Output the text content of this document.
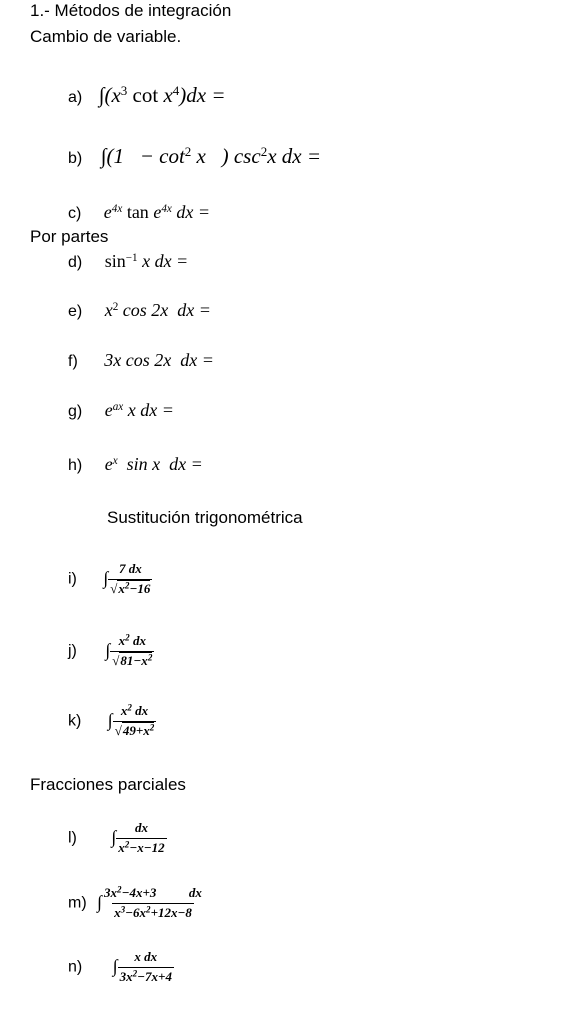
1.- Métodos de integración
Cambio de variable.
Por partes
Sustitución trigonométrica
Fracciones parciales
a) $\int(x^3$ $\cot x^4)dx$ =
b) $\int(1 - \cot^2 x$   ) $\csc^2x$ dx =
c) $e^{4x}$ $\tan e^{4x}$ dx =
d) $\sin^{-1} x$ dx =
e) $x^2$ cos 2x  dx =
f) 3x cos 2x  dx =
g) $e^{ax}$ x dx =
h) $e^x$  sin x  dx =
i) ∫ $\frac{7 dx}{√x^2-16}$
j) ∫ $\frac{x^2 dx}{√81-x^2}$
k) ∫ $\frac{x^2 dx}{√49+x^2}$
l) ∫ $\frac{dx}{x^2-x-12}$
m) ∫ $\frac{3x^2-4x+3 dx}{x^3-6x^2+12x-8}$
n) ∫ $\frac{\text{x dx}}{3x^2-7x+4}$
